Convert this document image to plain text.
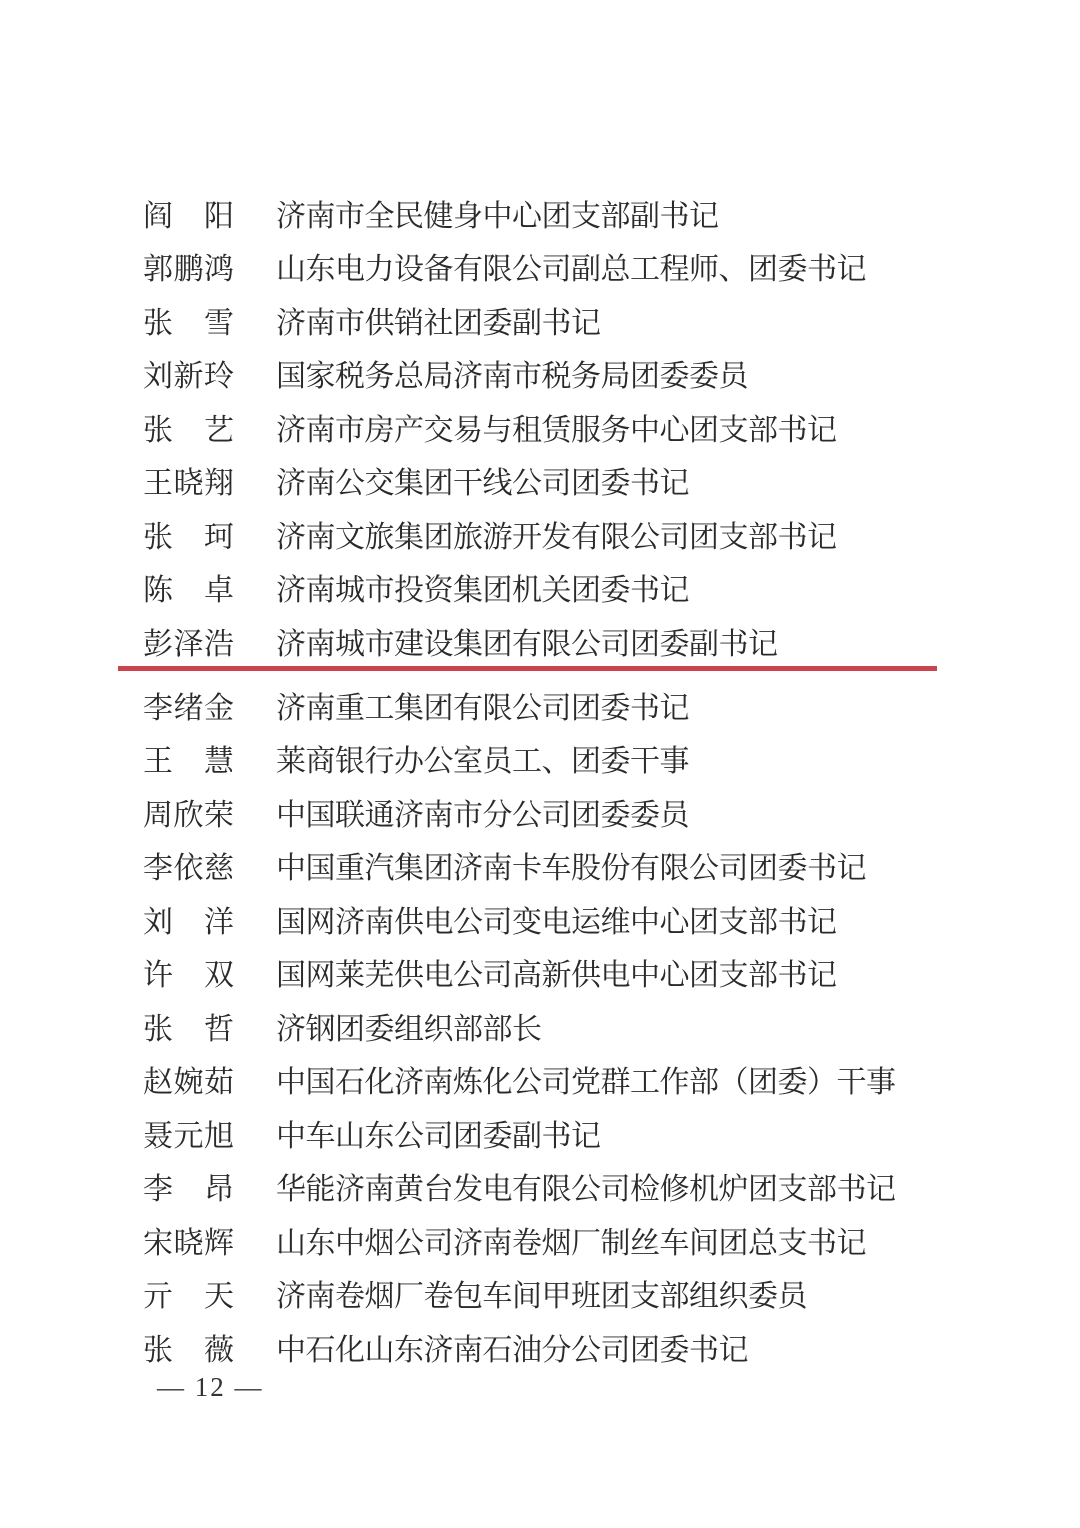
阎　阳 济南市全民健身中心团支部副书记
郭鹏鸿 山东电力设备有限公司副总工程师、团委书记
张　雪 济南市供销社团委副书记
刘新玲 国家税务总局济南市税务局团委委员
张　艺 济南市房产交易与租赁服务中心团支部书记
王晓翔 济南公交集团干线公司团委书记
张　珂 济南文旅集团旅游开发有限公司团支部书记
陈　卓 济南城市投资集团机关团委书记
彭泽浩 济南城市建设集团有限公司团委副书记
李绪金 济南重工集团有限公司团委书记
王　慧 莱商银行办公室员工、团委干事
周欣荣 中国联通济南市分公司团委委员
李依慈 中国重汽集团济南卡车股份有限公司团委书记
刘　洋 国网济南供电公司变电运维中心团支部书记
许　双 国网莱芜供电公司高新供电中心团支部书记
张　哲 济钢团委组织部部长
赵婉茹 中国石化济南炼化公司党群工作部（团委）干事
聂元旭 中车山东公司团委副书记
李　昂 华能济南黄台发电有限公司检修机炉团支部书记
宋晓辉 山东中烟公司济南卷烟厂制丝车间团总支书记
亓　天 济南卷烟厂卷包车间甲班团支部组织委员
张　薇 中石化山东济南石油分公司团委书记
— 12 —
